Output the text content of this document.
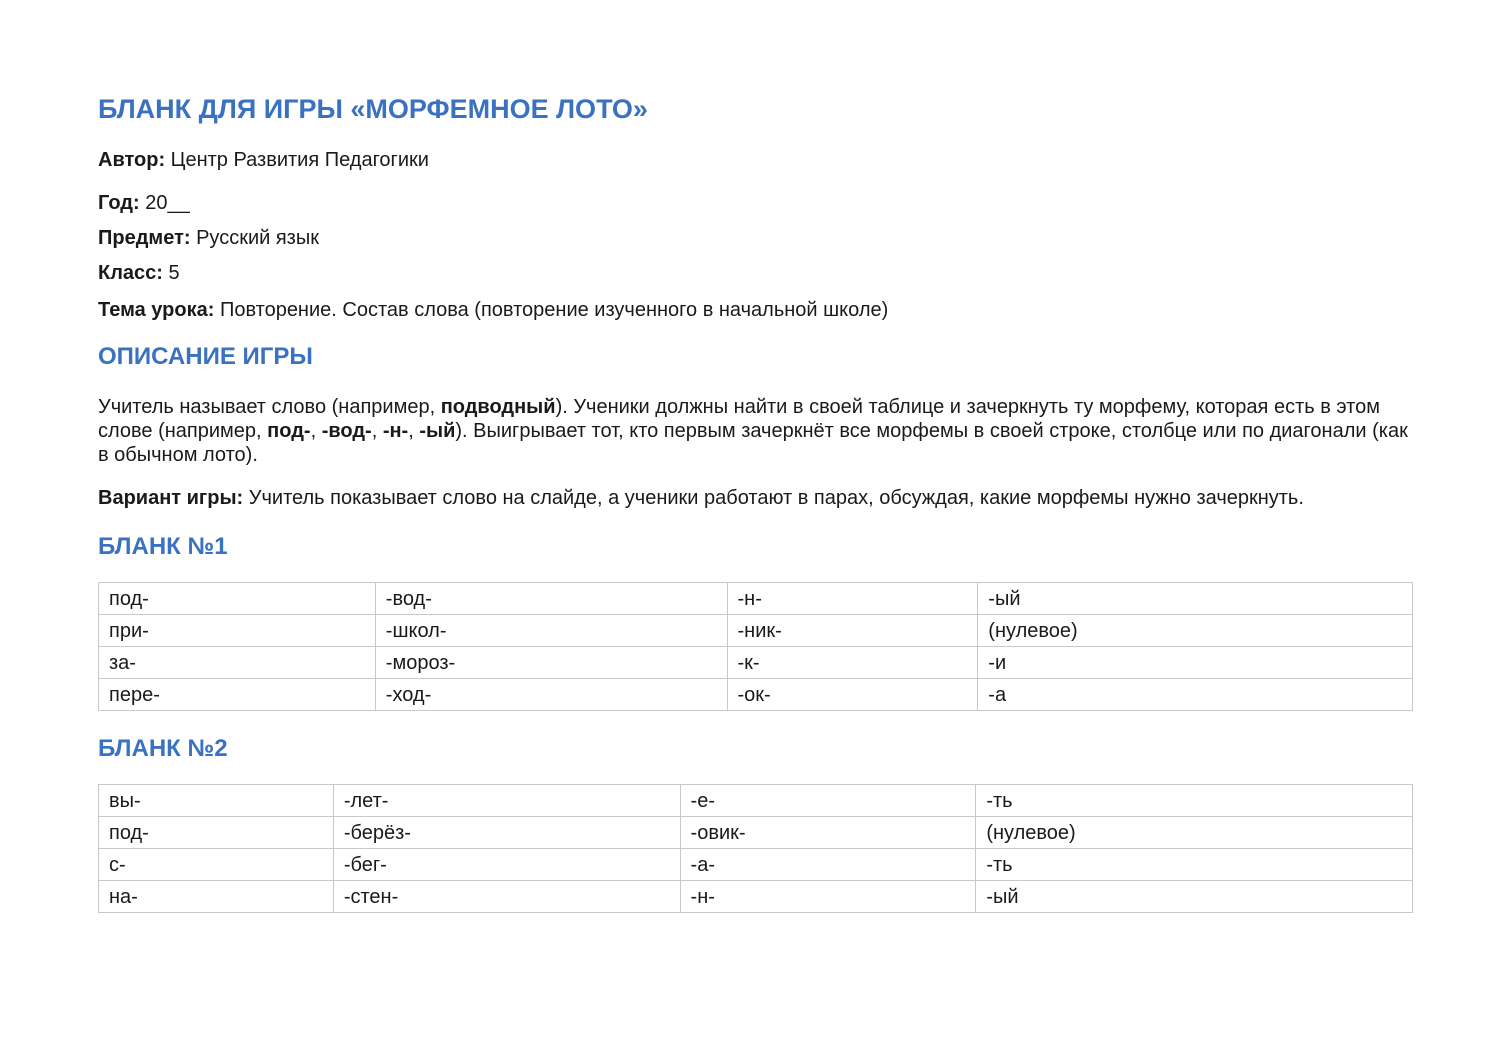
БЛАНК ДЛЯ ИГРЫ «МОРФЕМНОЕ ЛОТО»
Автор: Центр Развития Педагогики
Год: 20__
Предмет: Русский язык
Класс: 5
Тема урока: Повторение. Состав слова (повторение изученного в начальной школе)
ОПИСАНИЕ ИГРЫ
Учитель называет слово (например, подводный). Ученики должны найти в своей таблице и зачеркнуть ту морфему, которая есть в этом слове (например, под-, -вод-, -н-, -ый). Выигрывает тот, кто первым зачеркнёт все морфемы в своей строке, столбце или по диагонали (как в обычном лото).
Вариант игры: Учитель показывает слово на слайде, а ученики работают в парах, обсуждая, какие морфемы нужно зачеркнуть.
БЛАНК №1
под-	-вод-	-н-	-ый
при-	-школ-	-ник-	(нулевое)
за-	-мороз-	-к-	-и
пере-	-ход-	-ок-	-а
БЛАНК №2
вы-	-лет-	-е-	-ть
под-	-берёз-	-овик-	(нулевое)
с-	-бег-	-а-	-ть
на-	-стен-	-н-	-ый
